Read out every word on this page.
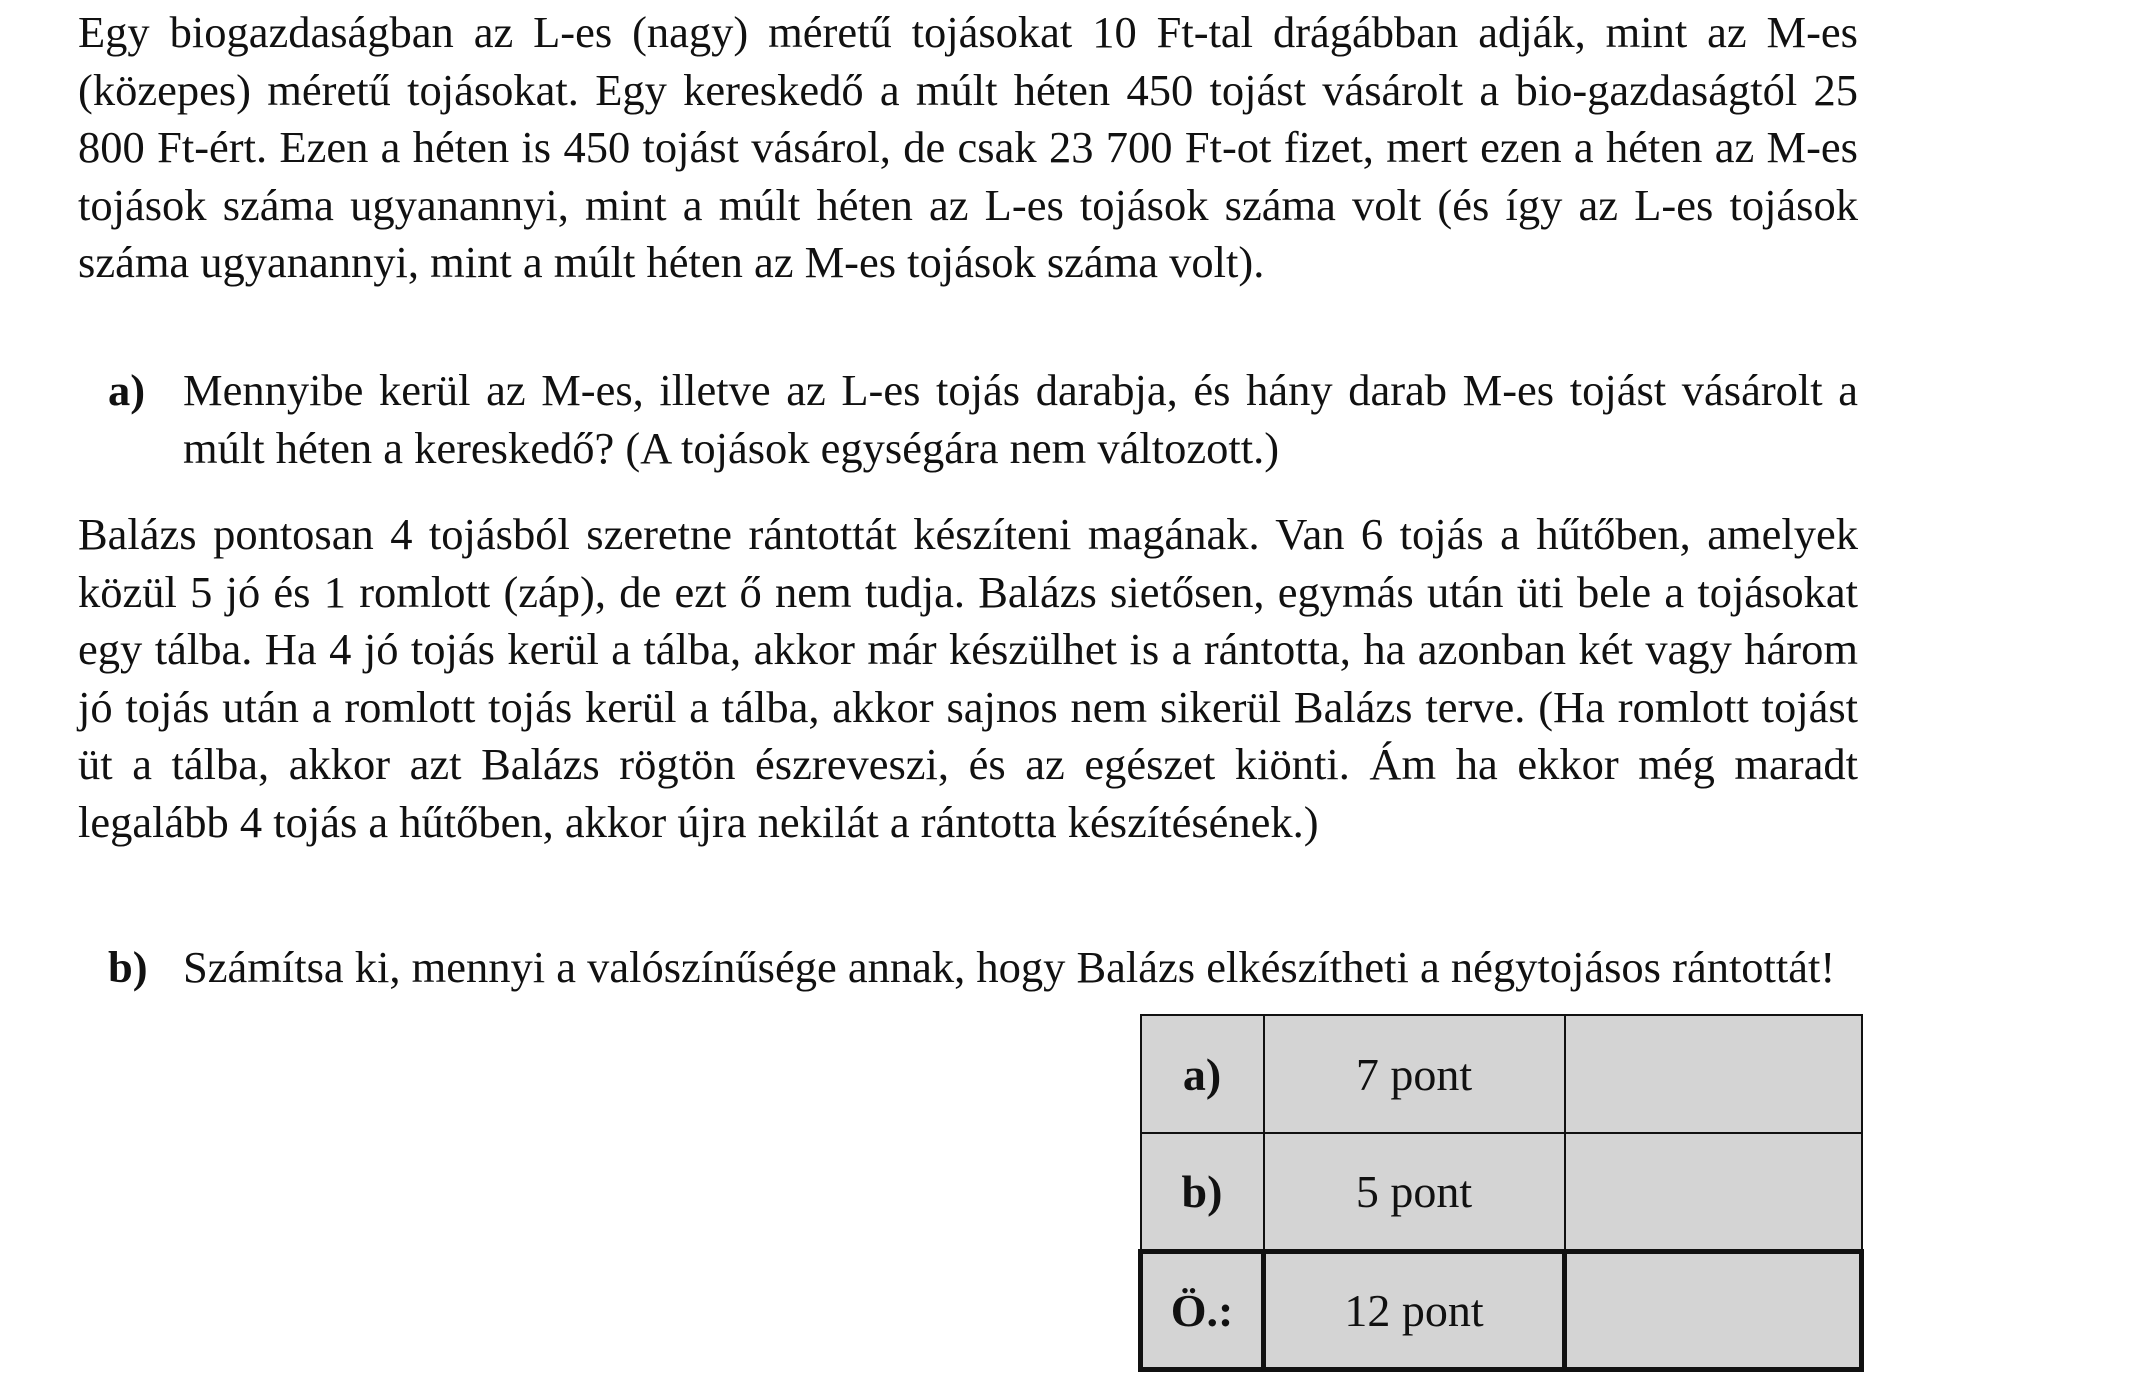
Egy biogazdaságban az L-es (nagy) méretű tojásokat 10 Ft-tal drágábban adják, mint az M-es (közepes) méretű tojásokat. Egy kereskedő a múlt héten 450 tojást vásárolt a bio-gazdaságtól 25 800 Ft-ért. Ezen a héten is 450 tojást vásárol, de csak 23 700 Ft-ot fizet, mert ezen a héten az M-es tojások száma ugyanannyi, mint a múlt héten az L-es tojások száma volt (és így az L-es tojások száma ugyanannyi, mint a múlt héten az M-es tojások száma volt).

a) Mennyibe kerül az M-es, illetve az L-es tojás darabja, és hány darab M-es tojást vásárolt a múlt héten a kereskedő? (A tojások egységára nem változott.)

Balázs pontosan 4 tojásból szeretne rántottát készíteni magának. Van 6 tojás a hűtőben, amelyek közül 5 jó és 1 romlott (záp), de ezt ő nem tudja. Balázs sietősen, egymás után üti bele a tojásokat egy tálba. Ha 4 jó tojás kerül a tálba, akkor már készülhet is a rántotta, ha azonban két vagy három jó tojás után a romlott tojás kerül a tálba, akkor sajnos nem sikerül Balázs terve. (Ha romlott tojást üt a tálba, akkor azt Balázs rögtön észreveszi, és az egészet kiönti. Ám ha ekkor még maradt legalább 4 tojás a hűtőben, akkor újra nekilát a rántotta készítésének.)

b) Számítsa ki, mennyi a valószínűsége annak, hogy Balázs elkészítheti a négytojásos rántottát!

a)	7 pont	
b)	5 pont	
Ö.:	12 pont	
